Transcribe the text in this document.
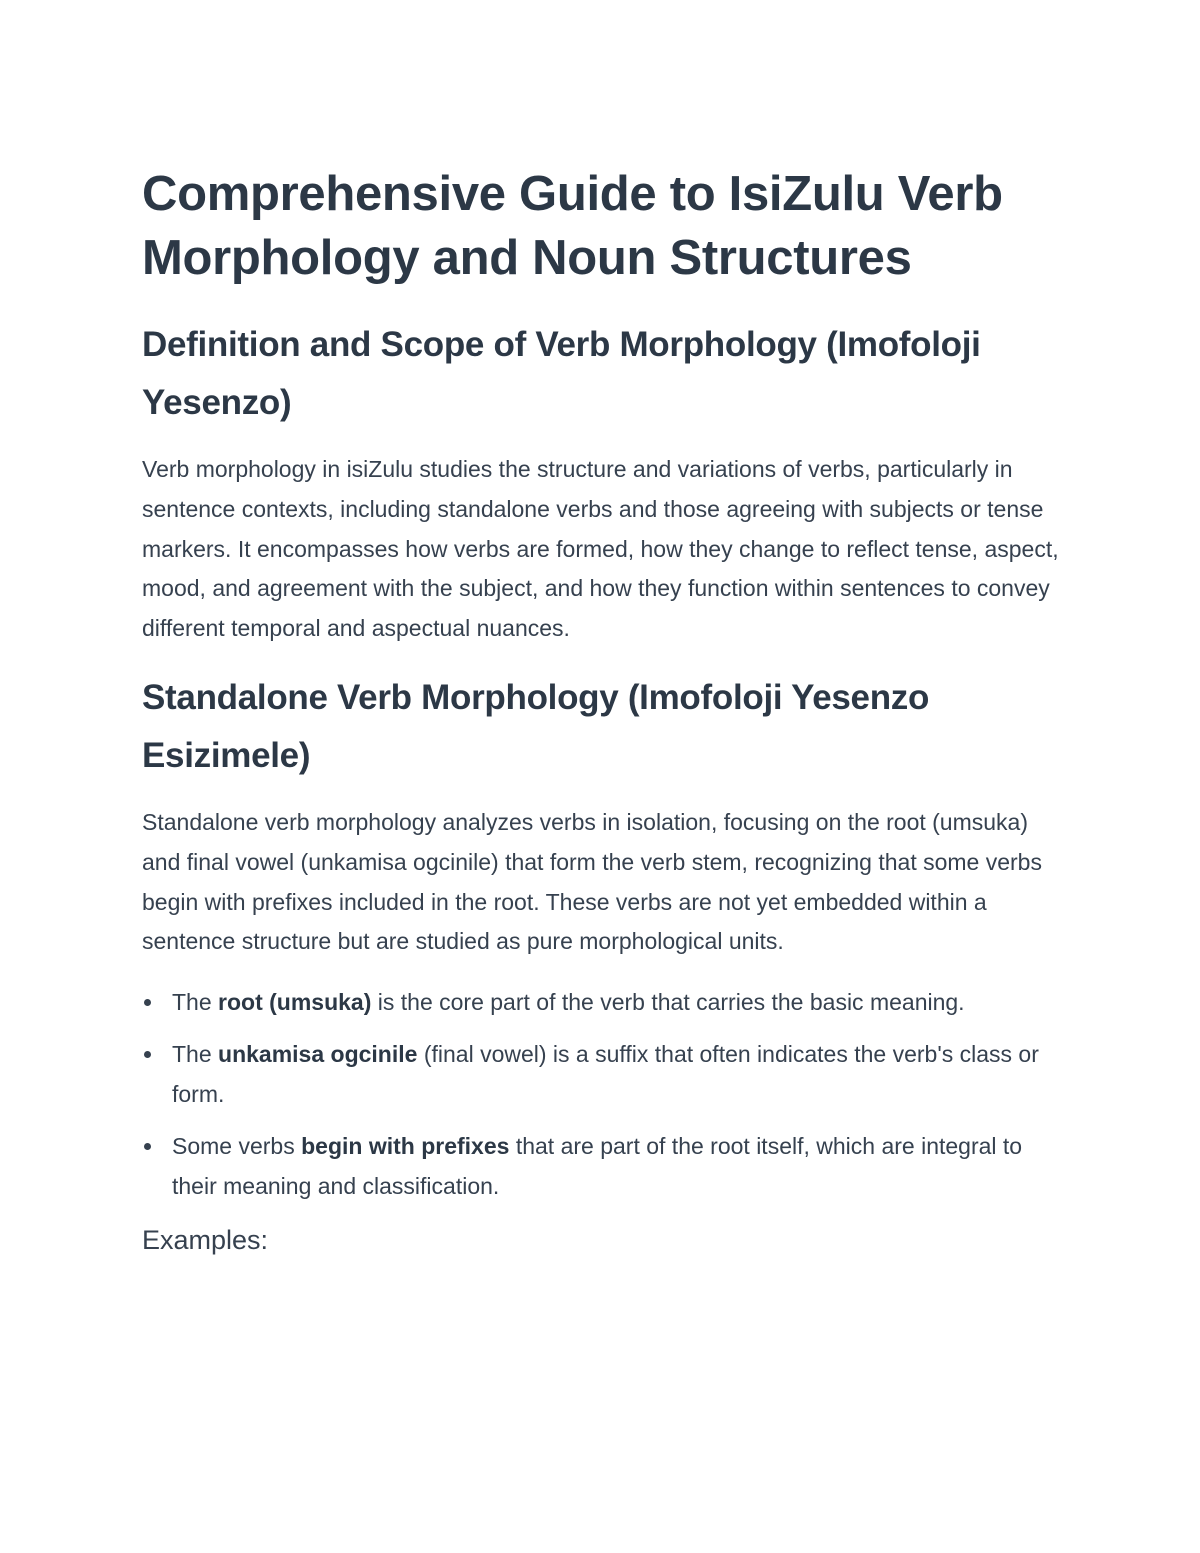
Comprehensive Guide to IsiZulu Verb Morphology and Noun Structures
Definition and Scope of Verb Morphology (Imofoloji Yesenzo)

Verb morphology in isiZulu studies the structure and variations of verbs, particularly in sentence contexts, including standalone verbs and those agreeing with subjects or tense markers. It encompasses how verbs are formed, how they change to reflect tense, aspect, mood, and agreement with the subject, and how they function within sentences to convey different temporal and aspectual nuances.

Standalone Verb Morphology (Imofoloji Yesenzo Esizimele)

Standalone verb morphology analyzes verbs in isolation, focusing on the root (umsuka) and final vowel (unkamisa ogcinile) that form the verb stem, recognizing that some verbs begin with prefixes included in the root. These verbs are not yet embedded within a sentence structure but are studied as pure morphological units.

The root (umsuka) is the core part of the verb that carries the basic meaning.
The unkamisa ogcinile (final vowel) is a suffix that often indicates the verb's class or form.
Some verbs begin with prefixes that are part of the root itself, which are integral to their meaning and classification.
Examples:
